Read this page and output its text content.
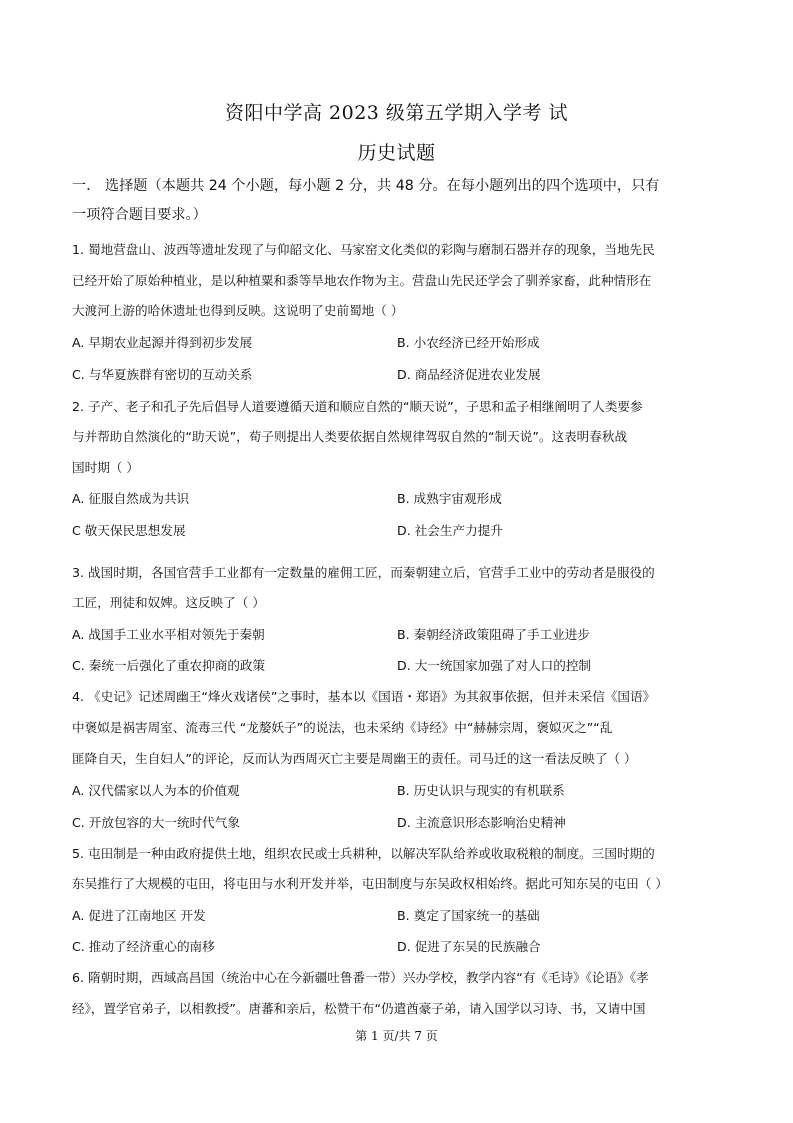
资阳中学高 2023 级第五学期入学考 试
历史试题
一． 选择题（本题共 24 个小题，每小题 2 分，共 48 分。在每小题列出的四个选项中，只有
一项符合题目要求。）
1. 蜀地营盘山、波西等遗址发现了与仰韶文化、马家窑文化类似的彩陶与磨制石器并存的现象，当地先民
已经开始了原始种植业，是以种植粟和黍等旱地农作物为主。营盘山先民还学会了驯养家畜，此种情形在
大渡河上游的哈休遗址也得到反映。这说明了史前蜀地（ ）
A. 早期农业起源并得到初步发展	B. 小农经济已经开始形成
C. 与华夏族群有密切的互动关系	D. 商品经济促进农业发展
2. 子产、老子和孔子先后倡导人道要遵循天道和顺应自然的“顺天说”，子思和孟子相继阐明了人类要参
与并帮助自然演化的“助天说”，荀子则提出人类要依据自然规律驾驭自然的“制天说”。这表明春秋战
国时期（ ）
A. 征服自然成为共识	B. 成熟宇宙观形成
C 敬天保民思想发展	D. 社会生产力提升
3. 战国时期，各国官营手工业都有一定数量的雇佣工匠，而秦朝建立后，官营手工业中的劳动者是服役的
工匠，刑徒和奴婢。这反映了（ ）
A. 战国手工业水平相对领先于秦朝	B. 秦朝经济政策阻碍了手工业进步
C. 秦统一后强化了重农抑商的政策	D. 大一统国家加强了对人口的控制
4. 《史记》记述周幽王“烽火戏诸侯”之事时，基本以《国语・郑语》为其叙事依据，但并未采信《国语》
中褒姒是祸害周室、流毒三代 “龙嫠妖子”的说法，也未采纳《诗经》中“赫赫宗周，褒姒灭之”“乱
匪降自天，生自妇人”的评论，反而认为西周灭亡主要是周幽王的责任。司马迁的这一看法反映了（ ）
A. 汉代儒家以人为本的价值观	B. 历史认识与现实的有机联系
C. 开放包容的大一统时代气象	D. 主流意识形态影响治史精神
5. 屯田制是一种由政府提供土地，组织农民或士兵耕种，以解决军队给养或收取税粮的制度。三国时期的
东吴推行了大规模的屯田，将屯田与水利开发并举，屯田制度与东吴政权相始终。据此可知东吴的屯田（ ）
A. 促进了江南地区 开发	B. 奠定了国家统一的基础
C. 推动了经济重心的南移	D. 促进了东吴的民族融合
6. 隋朝时期，西域高昌国（统治中心在今新疆吐鲁番一带）兴办学校，教学内容“有《毛诗》《论语》《孝
经》，置学官弟子，以相教授”。唐蕃和亲后，松赞干布“仍遣酋豪子弟，请入国学以习诗、书，又请中国
第 1 页/共 7 页
